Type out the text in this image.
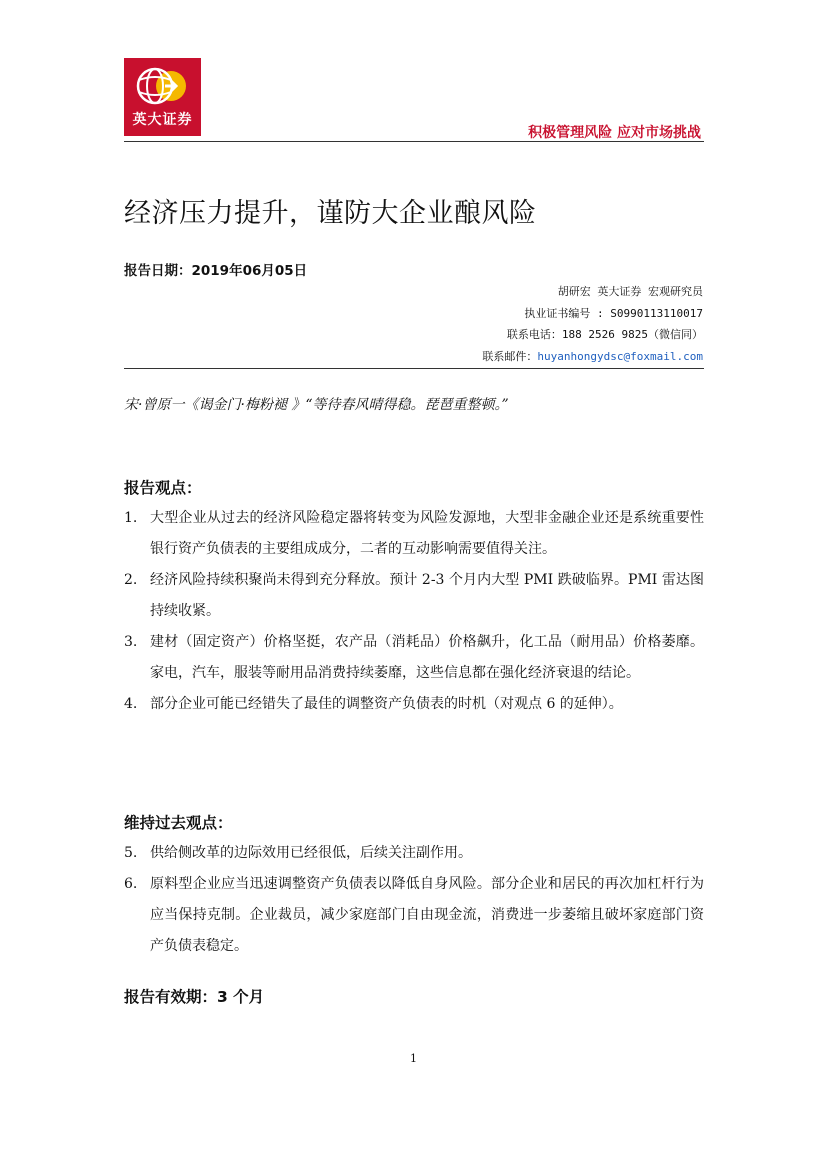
英大证券
积极管理风险 应对市场挑战
经济压力提升，谨防大企业酿风险
报告日期：2019年06月05日
胡研宏 英大证券 宏观研究员
执业证书编号 : S0990113110017
联系电话：188 2526 9825（微信同）
联系邮件：huyanhongydsc@foxmail.com
宋·曾原一《谒金门·梅粉褪 》“等待春风晴得稳。琵琶重整顿。”
报告观点：
1. 大型企业从过去的经济风险稳定器将转变为风险发源地，大型非金融企业还是系统重要性银行资产负债表的主要组成成分，二者的互动影响需要值得关注。
2. 经济风险持续积聚尚未得到充分释放。预计 2-3 个月内大型 PMI 跌破临界。PMI 雷达图持续收紧。
3. 建材（固定资产）价格坚挺，农产品（消耗品）价格飙升，化工品（耐用品）价格萎靡。家电，汽车，服装等耐用品消费持续萎靡，这些信息都在强化经济衰退的结论。
4. 部分企业可能已经错失了最佳的调整资产负债表的时机（对观点 6 的延伸）。
维持过去观点：
5. 供给侧改革的边际效用已经很低，后续关注副作用。
6. 原料型企业应当迅速调整资产负债表以降低自身风险。部分企业和居民的再次加杠杆行为应当保持克制。企业裁员，减少家庭部门自由现金流，消费进一步萎缩且破坏家庭部门资产负债表稳定。
报告有效期：3 个月
1
